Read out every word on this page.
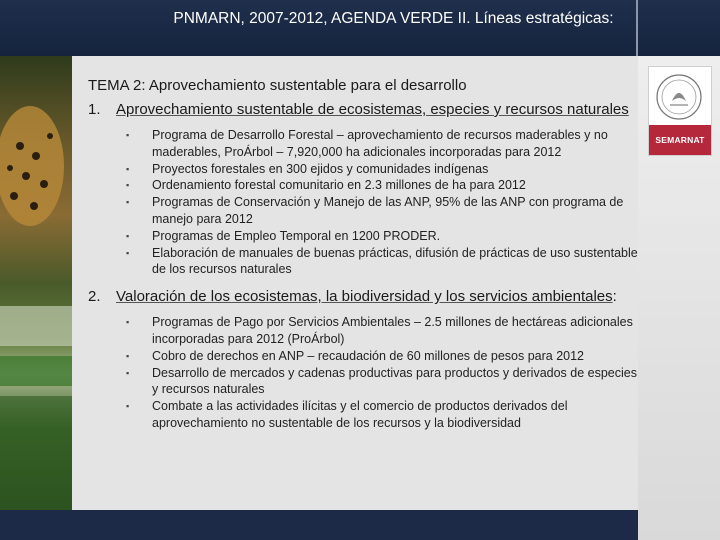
PNMARN, 2007-2012, AGENDA VERDE II. Líneas estratégicas:
SEMARNAT

TEMA 2: Aprovechamiento sustentable para el desarrollo

1.	Aprovechamiento sustentable de ecosistemas, especies y recursos naturales
▪ Programa de Desarrollo Forestal – aprovechamiento de recursos maderables y no maderables, ProÁrbol – 7,920,000 ha adicionales incorporadas para 2012
▪ Proyectos forestales en 300 ejidos y comunidades indígenas
▪ Ordenamiento forestal comunitario en 2.3 millones de ha para 2012
▪ Programas de Conservación y Manejo de las ANP, 95% de las ANP con programa de manejo para 2012
▪ Programas de Empleo Temporal en 1200 PRODER.
▪ Elaboración de manuales de buenas prácticas, difusión de prácticas de uso sustentable de los recursos naturales
2.	Valoración de los ecosistemas, la biodiversidad y los servicios ambientales:
▪ Programas de Pago por Servicios Ambientales – 2.5 millones de hectáreas adicionales incorporadas para 2012 (ProÁrbol)
▪ Cobro de derechos en ANP – recaudación de 60 millones de pesos para 2012
▪ Desarrollo de mercados y cadenas productivas para productos y derivados de especies y recursos naturales
▪ Combate a las actividades ilícitas y el comercio de productos derivados del aprovechamiento no sustentable de los recursos y la biodiversidad
